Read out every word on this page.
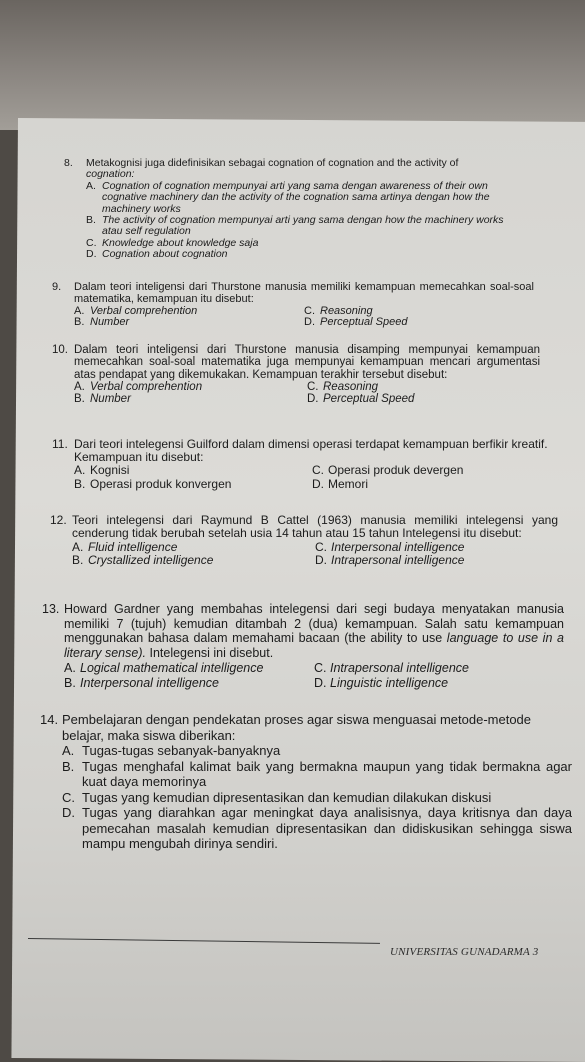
8. Metakognisi juga didefinisikan sebagai cognation of cognation and the activity of

cognation:

A. Cognation of cognation mempunyai arti yang sama dengan awareness of their own cognative machinery dan the activity of the cognation sama artinya dengan how the machinery works
B. The activity of cognation mempunyai arti yang sama dengan how the machinery works atau self regulation
C. Knowledge about knowledge saja
D. Cognation about cognation
9.	Dalam teori inteligensi dari Thurstone manusia memiliki kemampuan memecahkan soal-soal matematika, kemampuan itu disebut:
A. Verbal comprehention	C. Reasoning
B. Number	D. Perceptual Speed
10. Dalam teori inteligensi dari Thurstone manusia disamping mempunyai kemampuan memecahkan soal-soal matematika juga mempunyai kemampuan mencari argumentasi atas pendapat yang dikemukakan. Kemampuan terakhir tersebut disebut:
A. Verbal comprehention	C. Reasoning
B. Number	D. Perceptual Speed
11. Dari teori intelegensi Guilford dalam dimensi operasi terdapat kemampuan berfikir kreatif. Kemampuan itu disebut:
A. Kognisi	C. Operasi produk devergen
B. Operasi produk konvergen	D. Memori
12. Teori intelegensi dari Raymund B Cattel (1963) manusia memiliki intelegensi yang cenderung tidak berubah setelah usia 14 tahun atau 15 tahun Intelegensi itu disebut:
A. Fluid intelligence	C. Interpersonal intelligence
B. Crystallized intelligence	D. Intrapersonal intelligence
13. Howard Gardner yang membahas intelegensi dari segi budaya menyatakan manusia memiliki 7 (tujuh) kemudian ditambah 2 (dua) kemampuan. Salah satu kemampuan menggunakan bahasa dalam memahami bacaan (the ability to use language to use in a literary sense). Intelegensi ini disebut.
A. Logical mathematical intelligence	C. Intrapersonal intelligence
B. Interpersonal intelligence	D. Linguistic intelligence
14. Pembelajaran dengan pendekatan proses agar siswa menguasai metode-metode belajar, maka siswa diberikan:
A. Tugas-tugas sebanyak-banyaknya
B. Tugas menghafal kalimat baik yang bermakna maupun yang tidak bermakna agar kuat daya memorinya
C. Tugas yang kemudian dipresentasikan dan kemudian dilakukan diskusi
D. Tugas yang diarahkan agar meningkat daya analisisnya, daya kritisnya dan daya pemecahan masalah kemudian dipresentasikan dan didiskusikan sehingga siswa mampu mengubah dirinya sendiri.
UNIVERSITAS GUNADARMA 3
